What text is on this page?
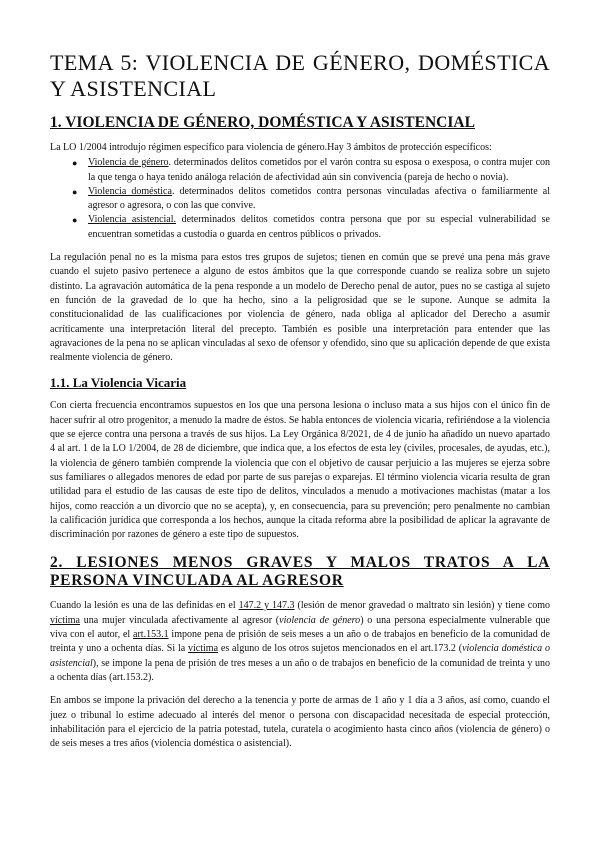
TEMA 5: VIOLENCIA DE GÉNERO, DOMÉSTICA Y ASISTENCIAL
1. VIOLENCIA DE GÉNERO, DOMÉSTICA Y ASISTENCIAL

La LO 1/2004 introdujo régimen específico para violencia de género.Hay 3 ámbitos de protección específicos:

● Violencia de género. determinados delitos cometidos por el varón contra su esposa o exesposa, o contra mujer con la que tenga o haya tenido análoga relación de afectividad aún sin convivencia (pareja de hecho o novia).
● Violencia doméstica. determinados delitos cometidos contra personas vinculadas afectiva o familiarmente al agresor o agresora, o con las que convive.
● Violencia asistencial. determinados delitos cometidos contra persona que por su especial vulnerabilidad se encuentran sometidas a custodia o guarda en centros públicos o privados.

La regulación penal no es la misma para estos tres grupos de sujetos; tienen en común que se prevé una pena más grave cuando el sujeto pasivo pertenece a alguno de estos ámbitos que la que corresponde cuando se realiza sobre un sujeto distinto. La agravación automática de la pena responde a un modelo de Derecho penal de autor, pues no se castiga al sujeto en función de la gravedad de lo que ha hecho, sino a la peligrosidad que se le supone. Aunque se admita la constitucionalidad de las cualificaciones por violencia de género, nada obliga al aplicador del Derecho a asumir acríticamente una interpretación literal del precepto. También es posible una interpretación para entender que las agravaciones de la pena no se aplican vinculadas al sexo de ofensor y ofendido, sino que su aplicación depende de que exista realmente violencia de género.

1.1. La Violencia Vicaria

Con cierta frecuencia encontramos supuestos en los que una persona lesiona o incluso mata a sus hijos con el único fin de hacer sufrir al otro progenitor, a menudo la madre de éstos. Se habla entonces de violencia vicaria, refiriéndose a la violencia que se ejerce contra una persona a través de sus hijos. La Ley Orgánica 8/2021, de 4 de junio ha añadido un nuevo apartado 4 al art. 1 de la LO 1/2004, de 28 de diciembre, que indica que, a los efectos de esta ley (civiles, procesales, de ayudas, etc.), la violencia de género también comprende la violencia que con el objetivo de causar perjuicio a las mujeres se ejerza sobre sus familiares o allegados menores de edad por parte de sus parejas o exparejas. El término violencia vicaria resulta de gran utilidad para el estudio de las causas de este tipo de delitos, vinculados a menudo a motivaciones machistas (matar a los hijos, como reacción a un divorcio que no se acepta), y, en consecuencia, para su prevención; pero penalmente no cambian la calificación jurídica que corresponda a los hechos, aunque la citada reforma abre la posibilidad de aplicar la agravante de discriminación por razones de género a este tipo de supuestos.

2. LESIONES MENOS GRAVES Y MALOS TRATOS A LA PERSONA VINCULADA AL AGRESOR

Cuando la lesión es una de las definidas en el 147.2 y 147.3 (lesión de menor gravedad o maltrato sin lesión) y tiene como víctima una mujer vinculada afectivamente al agresor (violencia de género) o una persona especialmente vulnerable que viva con el autor, el art.153.1 impone pena de prisión de seis meses a un año o de trabajos en beneficio de la comunidad de treinta y uno a ochenta días. Si la víctima es alguno de los otros sujetos mencionados en el art.173.2 (violencia doméstica o asistencial), se impone la pena de prisión de tres meses a un año o de trabajos en beneficio de la comunidad de treinta y uno a ochenta días (art.153.2).

En ambos se impone la privación del derecho a la tenencia y porte de armas de 1 año y 1 día a 3 años, así como, cuando el juez o tribunal lo estime adecuado al interés del menor o persona con discapacidad necesitada de especial protección, inhabilitación para el ejercicio de la patria potestad, tutela, curatela o acogimiento hasta cinco años (violencia de género) o de seis meses a tres años (violencia doméstica o asistencial).
